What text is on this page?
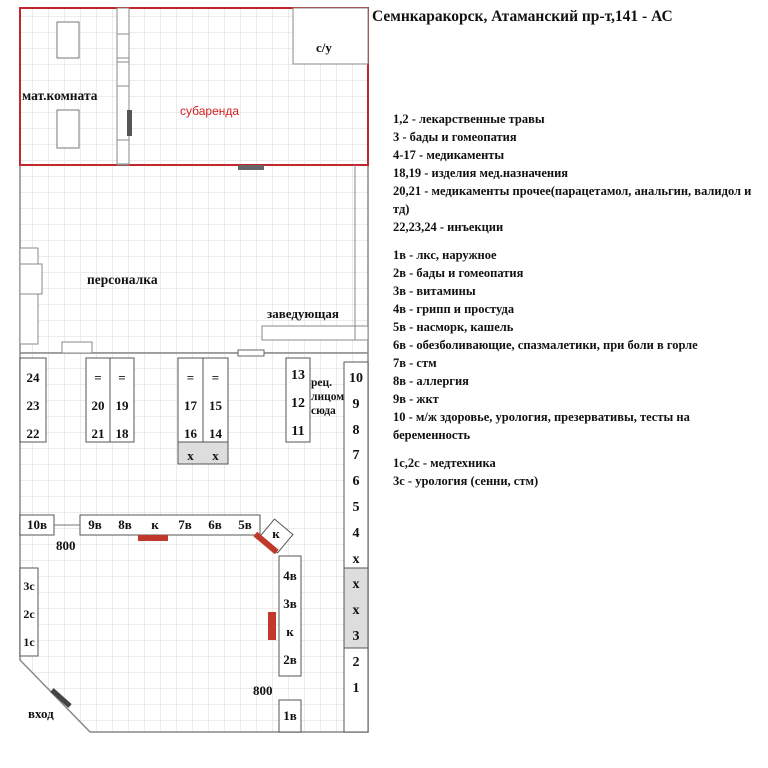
Семнкаракорск, Атаманский пр-т,141 - АС
мат.комната
с/у
субаренда
персоналка
заведующая
рец.
лицом
сюда
вход
800
800
24
23
22
=
20
21
=
19
18
=
17
16
х
=
15
14
х
13
12
11
10
9
8
7
6
5
4
х
х
х
3
2
1
10в	9в	8в	к	7в	6в	5в
к
4в
3в
к
2в
1в
3с
2с
1с
1,2 - лекарственные травы
3 - бады и гомеопатия
4-17 - медикаменты
18,19 - изделия мед.назначения
20,21 - медикаменты прочее(парацетамол, анальгин, валидол и тд)
22,23,24 - инъекции
1в - лкс, наружное
2в - бады и гомеопатия
3в - витамины
4в - грипп и простуда
5в - насморк, кашель
6в - обезболивающие, спазмалетики, при боли в горле
7в - стм
8в - аллергия
9в - жкт
10 - м/ж здоровье, урология, презервативы, тесты на беременность
1с,2с - медтехника
3с - урология (сенни, стм)
